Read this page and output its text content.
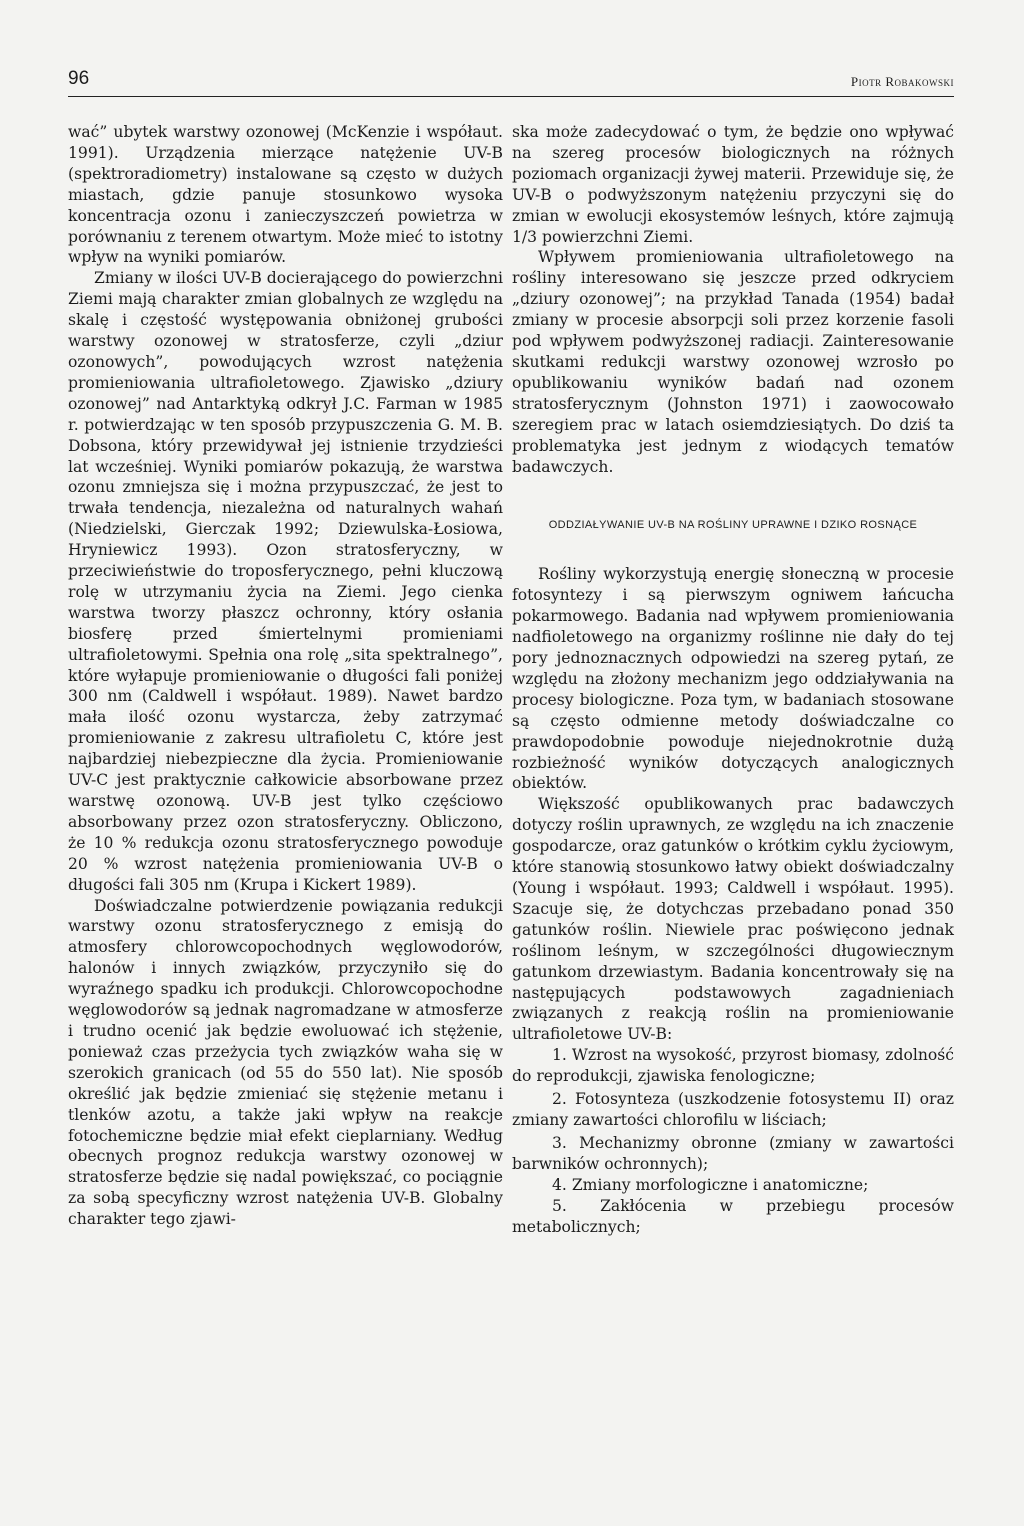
96	Piotr Robakowski

wać” ubytek warstwy ozonowej (McKenzie i współaut. 1991). Urządzenia mierzące natężenie UV-B (spektroradiometry) instalowane są często w dużych miastach, gdzie panuje stosunkowo wysoka koncentracja ozonu i zanieczyszczeń powietrza w porównaniu z terenem otwartym. Może mieć to istotny wpływ na wyniki pomiarów.

Zmiany w ilości UV-B docierającego do powierzchni Ziemi mają charakter zmian globalnych ze względu na skalę i częstość występowania obniżonej grubości warstwy ozonowej w stratosferze, czyli „dziur ozonowych”, powodujących wzrost natężenia promieniowania ultrafioletowego. Zjawisko „dziury ozonowej” nad Antarktyką odkrył J.C. Farman w 1985 r. potwierdzając w ten sposób przypuszczenia G. M. B. Dobsona, który przewidywał jej istnienie trzydzieści lat wcześniej. Wyniki pomiarów pokazują, że warstwa ozonu zmniejsza się i można przypuszczać, że jest to trwała tendencja, niezależna od naturalnych wahań (Niedzielski, Gierczak 1992; Dziewulska-Łosiowa, Hryniewicz 1993). Ozon stratosferyczny, w przeciwieństwie do troposferycznego, pełni kluczową rolę w utrzymaniu życia na Ziemi. Jego cienka warstwa tworzy płaszcz ochronny, który osłania biosferę przed śmiertelnymi promieniami ultrafioletowymi. Spełnia ona rolę „sita spektralnego”, które wyłapuje promieniowanie o długości fali poniżej 300 nm (Caldwell i współaut. 1989). Nawet bardzo mała ilość ozonu wystarcza, żeby zatrzymać promieniowanie z zakresu ultrafioletu C, które jest najbardziej niebezpieczne dla życia. Promieniowanie UV-C jest praktycznie całkowicie absorbowane przez warstwę ozonową. UV-B jest tylko częściowo absorbowany przez ozon stratosferyczny. Obliczono, że 10 % redukcja ozonu stratosferycznego powoduje 20 % wzrost natężenia promieniowania UV-B o długości fali 305 nm (Krupa i Kickert 1989).

Doświadczalne potwierdzenie powiązania redukcji warstwy ozonu stratosferycznego z emisją do atmosfery chlorowcopochodnych węglowodorów, halonów i innych związków, przyczyniło się do wyraźnego spadku ich produkcji. Chlorowcopochodne węglowodorów są jednak nagromadzane w atmosferze i trudno ocenić jak będzie ewoluować ich stężenie, ponieważ czas przeżycia tych związków waha się w szerokich granicach (od 55 do 550 lat). Nie sposób określić jak będzie zmieniać się stężenie metanu i tlenków azotu, a także jaki wpływ na reakcje fotochemiczne będzie miał efekt cieplarniany. Według obecnych prognoz redukcja warstwy ozonowej w stratosferze będzie się nadal powiększać, co pociągnie za sobą specyficzny wzrost natężenia UV-B. Globalny charakter tego zjawi-

ska może zadecydować o tym, że będzie ono wpływać na szereg procesów biologicznych na różnych poziomach organizacji żywej materii. Przewiduje się, że UV-B o podwyższonym natężeniu przyczyni się do zmian w ewolucji ekosystemów leśnych, które zajmują 1/3 powierzchni Ziemi.

Wpływem promieniowania ultrafioletowego na rośliny interesowano się jeszcze przed odkryciem „dziury ozonowej”; na przykład Tanada (1954) badał zmiany w procesie absorpcji soli przez korzenie fasoli pod wpływem podwyższonej radiacji. Zainteresowanie skutkami redukcji warstwy ozonowej wzrosło po opublikowaniu wyników badań nad ozonem stratosferycznym (Johnston 1971) i zaowocowało szeregiem prac w latach osiemdziesiątych. Do dziś ta problematyka jest jednym z wiodących tematów badawczych.

ODDZIAŁYWANIE UV-B NA ROŚLINY UPRAWNE I DZIKO ROSNĄCE

Rośliny wykorzystują energię słoneczną w procesie fotosyntezy i są pierwszym ogniwem łańcucha pokarmowego. Badania nad wpływem promieniowania nadfioletowego na organizmy roślinne nie dały do tej pory jednoznacznych odpowiedzi na szereg pytań, ze względu na złożony mechanizm jego oddziaływania na procesy biologiczne. Poza tym, w badaniach stosowane są często odmienne metody doświadczalne co prawdopodobnie powoduje niejednokrotnie dużą rozbieżność wyników dotyczących analogicznych obiektów.

Większość opublikowanych prac badawczych dotyczy roślin uprawnych, ze względu na ich znaczenie gospodarcze, oraz gatunków o krótkim cyklu życiowym, które stanowią stosunkowo łatwy obiekt doświadczalny (Young i współaut. 1993; Caldwell i współaut. 1995). Szacuje się, że dotychczas przebadano ponad 350 gatunków roślin. Niewiele prac poświęcono jednak roślinom leśnym, w szczególności długowiecznym gatunkom drzewiastym. Badania koncentrowały się na następujących podstawowych zagadnieniach związanych z reakcją roślin na promieniowanie ultrafioletowe UV-B:

1. Wzrost na wysokość, przyrost biomasy, zdolność do reprodukcji, zjawiska fenologiczne;

2. Fotosynteza (uszkodzenie fotosystemu II) oraz zmiany zawartości chlorofilu w liściach;

3. Mechanizmy obronne (zmiany w zawartości barwników ochronnych);

4. Zmiany morfologiczne i anatomiczne;

5. Zakłócenia w przebiegu procesów metabolicznych;
